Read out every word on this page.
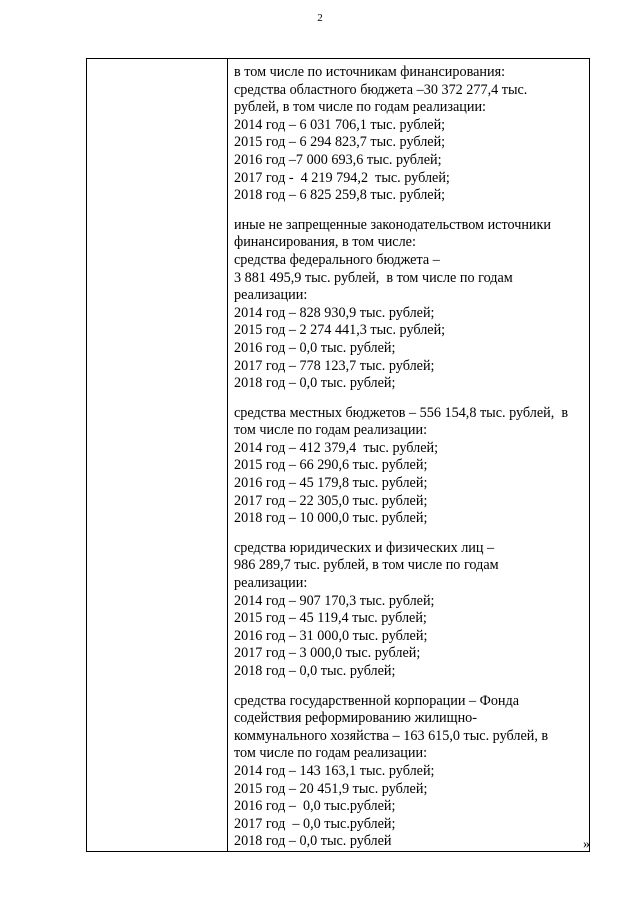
2

в том числе по источникам финансирования:
средства областного бюджета –30 372 277,4 тыс.
рублей, в том числе по годам реализации:
2014 год – 6 031 706,1 тыс. рублей;
2015 год – 6 294 823,7 тыс. рублей;
2016 год –7 000 693,6 тыс. рублей;
2017 год -  4 219 794,2  тыс. рублей;
2018 год – 6 825 259,8 тыс. рублей;
иные не запрещенные законодательством источники
финансирования, в том числе:
средства федерального бюджета –
3 881 495,9 тыс. рублей,  в том числе по годам
реализации:
2014 год – 828 930,9 тыс. рублей;
2015 год – 2 274 441,3 тыс. рублей;
2016 год – 0,0 тыс. рублей;
2017 год – 778 123,7 тыс. рублей;
2018 год – 0,0 тыс. рублей;
средства местных бюджетов – 556 154,8 тыс. рублей,  в
том числе по годам реализации:
2014 год – 412 379,4  тыс. рублей;
2015 год – 66 290,6 тыс. рублей;
2016 год – 45 179,8 тыс. рублей;
2017 год – 22 305,0 тыс. рублей;
2018 год – 10 000,0 тыс. рублей;
средства юридических и физических лиц –
986 289,7 тыс. рублей, в том числе по годам
реализации:
2014 год – 907 170,3 тыс. рублей;
2015 год – 45 119,4 тыс. рублей;
2016 год – 31 000,0 тыс. рублей;
2017 год – 3 000,0 тыс. рублей;
2018 год – 0,0 тыс. рублей;
средства государственной корпорации – Фонда
содействия реформированию жилищно-
коммунального хозяйства – 163 615,0 тыс. рублей, в
том числе по годам реализации:
2014 год – 143 163,1 тыс. рублей;
2015 год – 20 451,9 тыс. рублей;
2016 год –  0,0 тыс.рублей;
2017 год  – 0,0 тыс.рублей;
2018 год – 0,0 тыс. рублей	»
